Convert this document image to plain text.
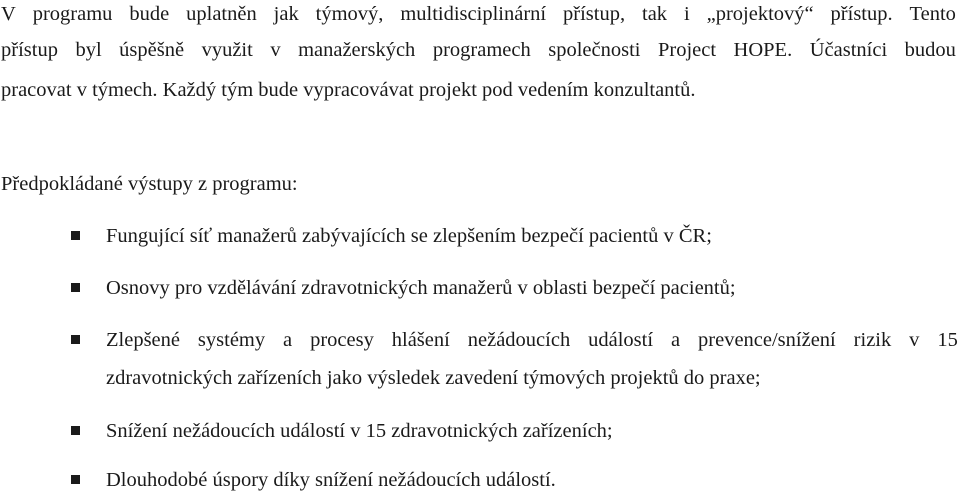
V programu bude uplatněn jak týmový, multidisciplinární přístup, tak i „projektový“ přístup. Tento
přístup byl úspěšně využit v manažerských programech společnosti Project HOPE. Účastníci budou
pracovat v týmech. Každý tým bude vypracovávat projekt pod vedením konzultantů.
Předpokládané výstupy z programu:
Fungující síť manažerů zabývajících se zlepšením bezpečí pacientů v ČR;
Osnovy pro vzdělávání zdravotnických manažerů v oblasti bezpečí pacientů;
Zlepšené systémy a procesy hlášení nežádoucích událostí a prevence/snížení rizik v 15
zdravotnických zařízeních jako výsledek zavedení týmových projektů do praxe;
Snížení nežádoucích událostí v 15 zdravotnických zařízeních;
Dlouhodobé úspory díky snížení nežádoucích událostí.
